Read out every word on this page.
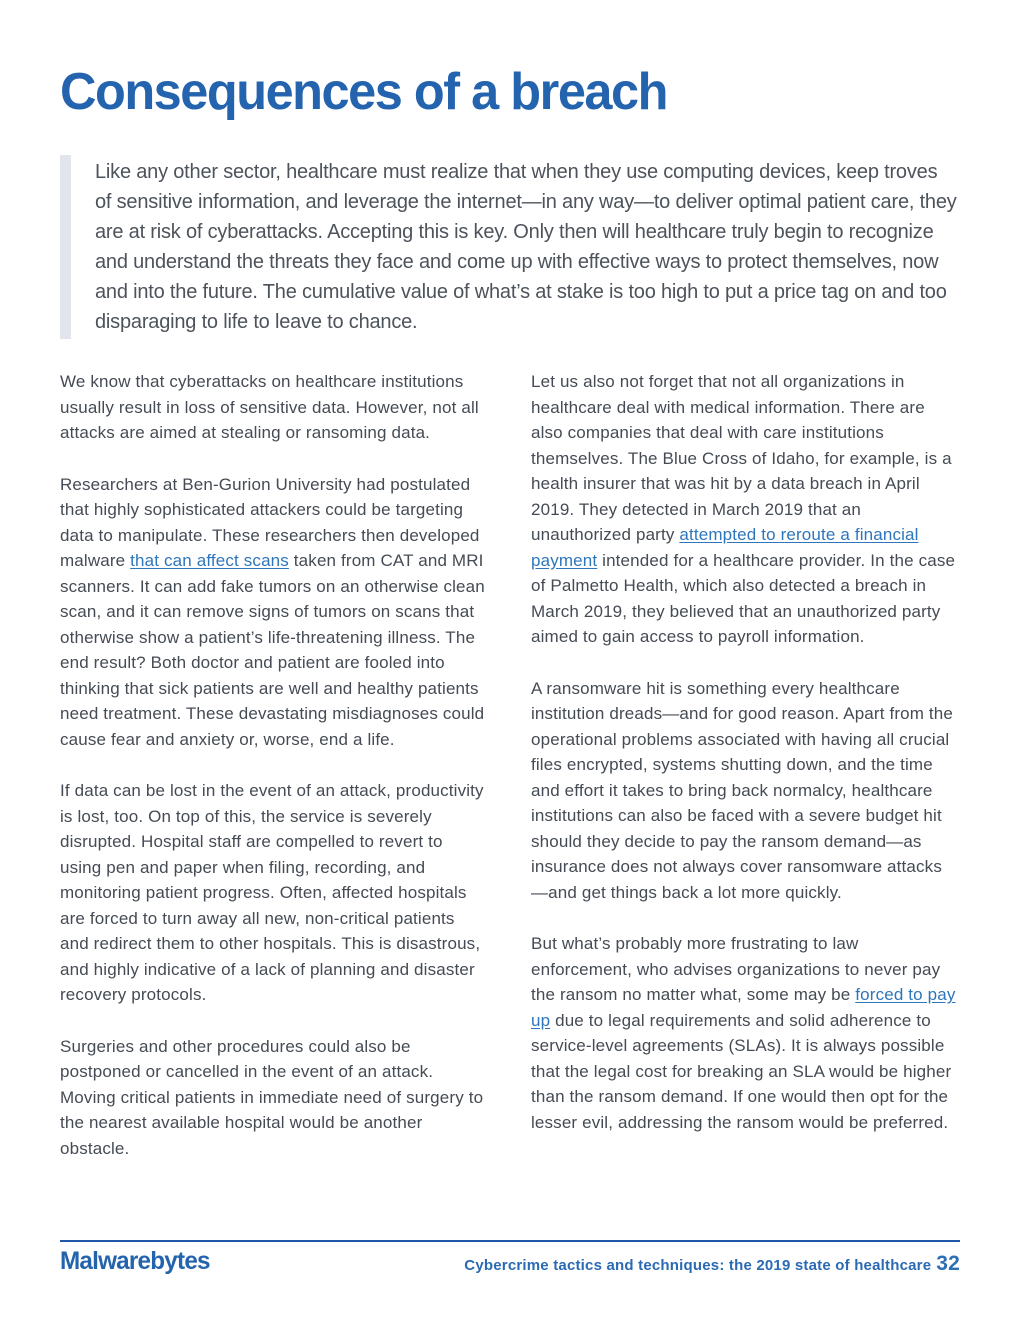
Consequences of a breach
Like any other sector, healthcare must realize that when they use computing devices, keep troves of sensitive information, and leverage the internet—in any way—to deliver optimal patient care, they are at risk of cyberattacks. Accepting this is key. Only then will healthcare truly begin to recognize and understand the threats they face and come up with effective ways to protect themselves, now and into the future. The cumulative value of what’s at stake is too high to put a price tag on and too disparaging to life to leave to chance.

We know that cyberattacks on healthcare institutions usually result in loss of sensitive data. However, not all attacks are aimed at stealing or ransoming data.

Researchers at Ben-Gurion University had postulated that highly sophisticated attackers could be targeting data to manipulate. These researchers then developed malware that can affect scans taken from CAT and MRI scanners. It can add fake tumors on an otherwise clean scan, and it can remove signs of tumors on scans that otherwise show a patient’s life-threatening illness. The end result? Both doctor and patient are fooled into thinking that sick patients are well and healthy patients need treatment. These devastating misdiagnoses could cause fear and anxiety or, worse, end a life.

If data can be lost in the event of an attack, productivity is lost, too. On top of this, the service is severely disrupted. Hospital staff are compelled to revert to using pen and paper when filing, recording, and monitoring patient progress. Often, affected hospitals are forced to turn away all new, non-critical patients and redirect them to other hospitals. This is disastrous, and highly indicative of a lack of planning and disaster recovery protocols.

Surgeries and other procedures could also be postponed or cancelled in the event of an attack. Moving critical patients in immediate need of surgery to the nearest available hospital would be another obstacle.

Let us also not forget that not all organizations in healthcare deal with medical information. There are also companies that deal with care institutions themselves. The Blue Cross of Idaho, for example, is a health insurer that was hit by a data breach in April 2019. They detected in March 2019 that an unauthorized party attempted to reroute a financial payment intended for a healthcare provider. In the case of Palmetto Health, which also detected a breach in March 2019, they believed that an unauthorized party aimed to gain access to payroll information.

A ransomware hit is something every healthcare institution dreads—and for good reason. Apart from the operational problems associated with having all crucial files encrypted, systems shutting down, and the time and effort it takes to bring back normalcy, healthcare institutions can also be faced with a severe budget hit should they decide to pay the ransom demand—as insurance does not always cover ransomware attacks—and get things back a lot more quickly.

But what’s probably more frustrating to law enforcement, who advises organizations to never pay the ransom no matter what, some may be forced to pay up due to legal requirements and solid adherence to service-level agreements (SLAs). It is always possible that the legal cost for breaking an SLA would be higher than the ransom demand. If one would then opt for the lesser evil, addressing the ransom would be preferred.

Malwarebytes	Cybercrime tactics and techniques: the 2019 state of healthcare 32
